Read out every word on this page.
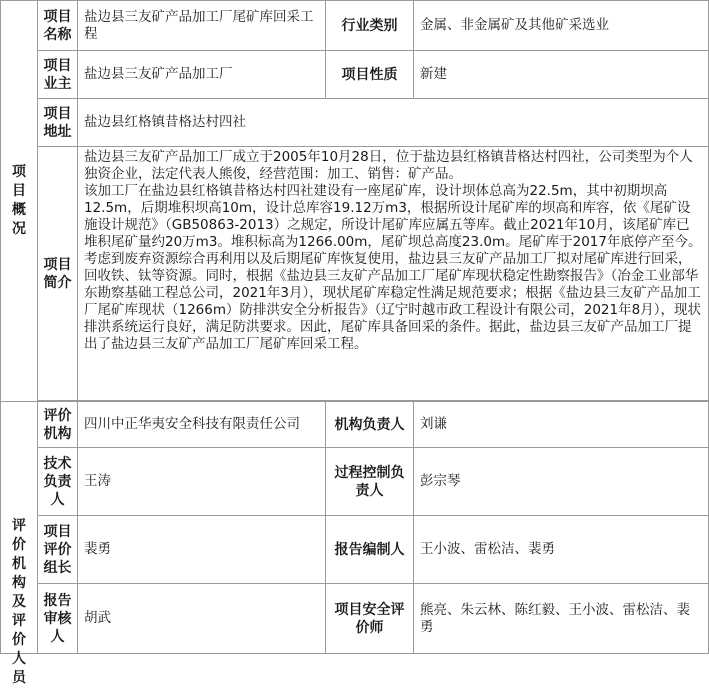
项目概况	项目名称	盐边县三友矿产品加工厂尾矿库回采工程	行业类别	金属、非金属矿及其他矿采选业
	项目业主	盐边县三友矿产品加工厂	项目性质	新建
	项目地址	盐边县红格镇昔格达村四社		
	项目简介	盐边县三友矿产品加工厂成立于2005年10月28日，位于盐边县红格镇昔格达村四社，公司类型为个人独资企业，法定代表人熊俊，经营范围：加工、销售：矿产品。

该加工厂在盐边县红格镇昔格达村四社建设有一座尾矿库，设计坝体总高为22.5m，其中初期坝高12.5m，后期堆积坝高10m，设计总库容19.12万m3，根据所设计尾矿库的坝高和库容，依《尾矿设施设计规范》（GB50863-2013）之规定，所设计尾矿库应属五等库。截止2021年10月，该尾矿库已堆积尾矿量约20万m3。堆积标高为1266.00m，尾矿坝总高度23.0m。尾矿库于2017年底停产至今。

考虑到废弃资源综合再利用以及后期尾矿库恢复使用，盐边县三友矿产品加工厂拟对尾矿库进行回采，回收铁、钛等资源。同时，根据《盐边县三友矿产品加工厂尾矿库现状稳定性勘察报告》（冶金工业部华东勘察基础工程总公司，2021年3月），现状尾矿库稳定性满足规范要求；根据《盐边县三友矿产品加工厂尾矿库现状（1266m）防排洪安全分析报告》（辽宁时越市政工程设计有限公司，2021年8月），现状排洪系统运行良好，满足防洪要求。因此，尾矿库具备回采的条件。据此，盐边县三友矿产品加工厂提出了盐边县三友矿产品加工厂尾矿库回采工程。		

评价机构及评价人员	评价机构	四川中正华夷安全科技有限责任公司	机构负责人	刘谦
	技术负责人	王涛	过程控制负责人	彭宗琴
	项目评价组长	裴勇	报告编制人	王小波、雷松洁、裴勇
	报告审核人	胡武	项目安全评价师	熊亮、朱云林、陈红毅、王小波、雷松洁、裴勇
